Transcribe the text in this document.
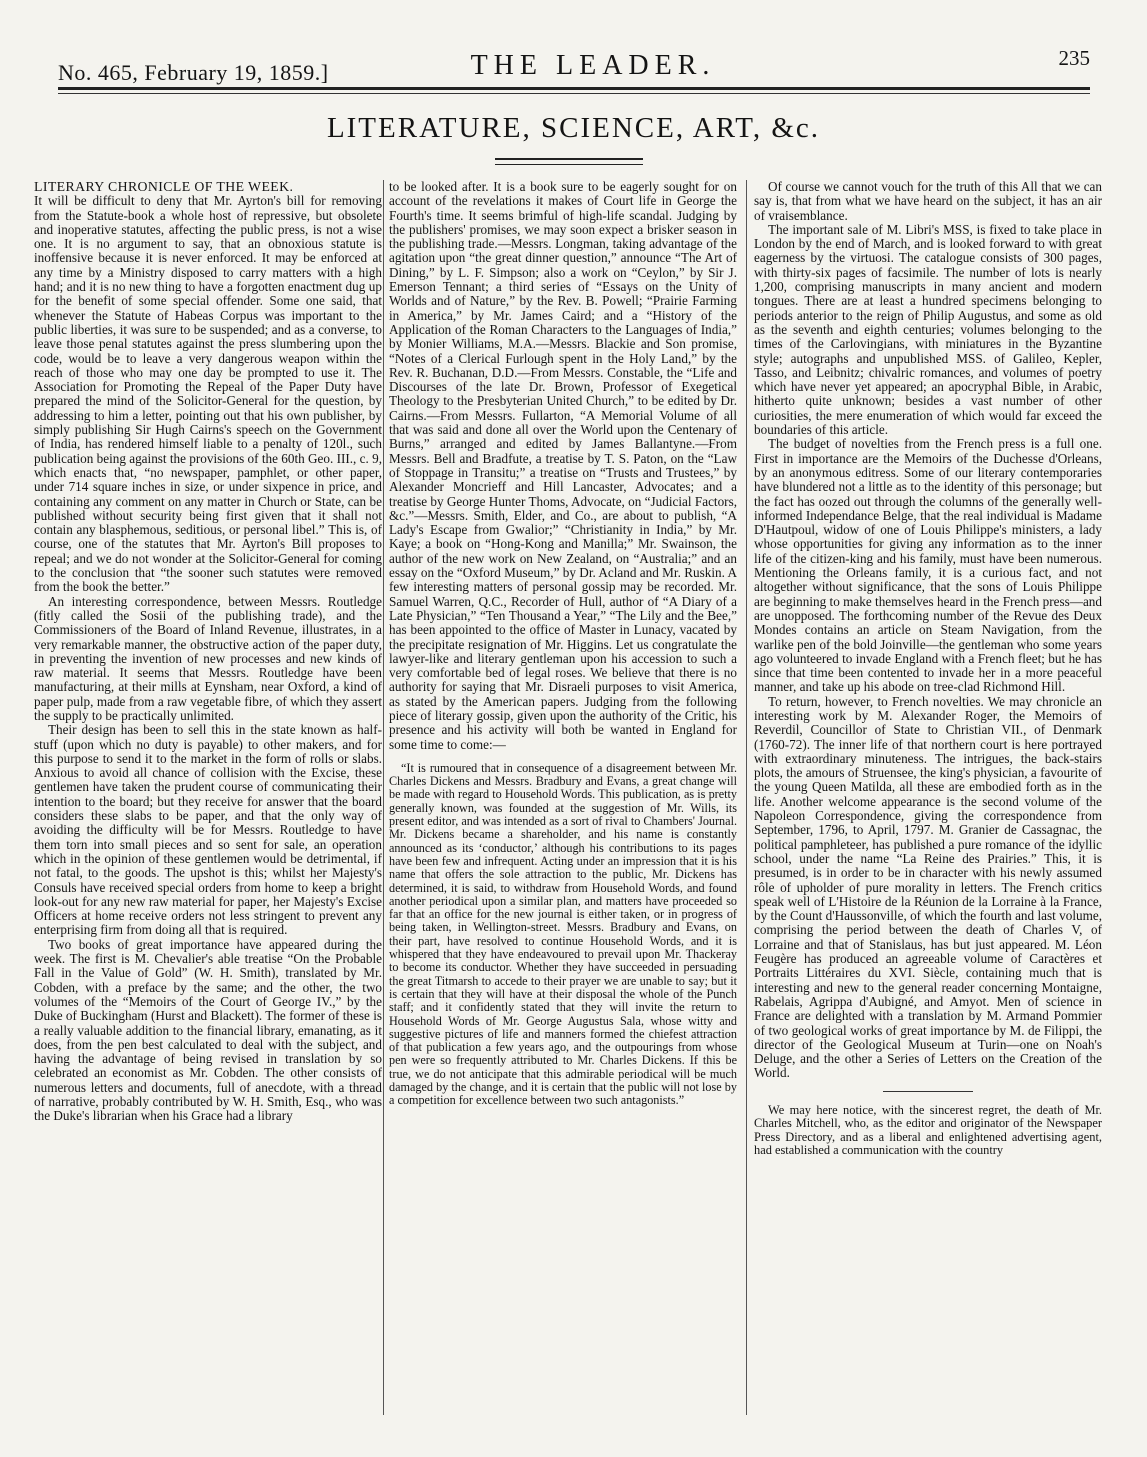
No. 465, February 19, 1859.]	THE LEADER.	235
LITERATURE, SCIENCE, ART, &c.
LITERARY CHRONICLE OF THE WEEK.

It will be difficult to deny that Mr. Ayrton's bill for removing from the Statute-book a whole host of repressive, but obsolete and inoperative statutes, affecting the public press, is not a wise one. It is no argument to say, that an obnoxious statute is inoffensive because it is never enforced. It may be enforced at any time by a Ministry disposed to carry matters with a high hand; and it is no new thing to have a forgotten enactment dug up for the benefit of some special offender. Some one said, that whenever the Statute of Habeas Corpus was important to the public liberties, it was sure to be suspended; and as a converse, to leave those penal statutes against the press slumbering upon the code, would be to leave a very dangerous weapon within the reach of those who may one day be prompted to use it. The Association for Promoting the Repeal of the Paper Duty have prepared the mind of the Solicitor-General for the question, by addressing to him a letter, pointing out that his own publisher, by simply publishing Sir Hugh Cairns's speech on the Government of India, has rendered himself liable to a penalty of 120l., such publication being against the provisions of the 60th Geo. III., c. 9, which enacts that, “no newspaper, pamphlet, or other paper, under 714 square inches in size, or under sixpence in price, and containing any comment on any matter in Church or State, can be published without security being first given that it shall not contain any blasphemous, seditious, or personal libel.” This is, of course, one of the statutes that Mr. Ayrton's Bill proposes to repeal; and we do not wonder at the Solicitor-General for coming to the conclusion that “the sooner such statutes were removed from the book the better.”

An interesting correspondence, between Messrs. Routledge (fitly called the Sosii of the publishing trade), and the Commissioners of the Board of Inland Revenue, illustrates, in a very remarkable manner, the obstructive action of the paper duty, in preventing the invention of new processes and new kinds of raw material. It seems that Messrs. Routledge have been manufacturing, at their mills at Eynsham, near Oxford, a kind of paper pulp, made from a raw vegetable fibre, of which they assert the supply to be practically unlimited.

Their design has been to sell this in the state known as half-stuff (upon which no duty is payable) to other makers, and for this purpose to send it to the market in the form of rolls or slabs. Anxious to avoid all chance of collision with the Excise, these gentlemen have taken the prudent course of communicating their intention to the board; but they receive for answer that the board considers these slabs to be paper, and that the only way of avoiding the difficulty will be for Messrs. Routledge to have them torn into small pieces and so sent for sale, an operation which in the opinion of these gentlemen would be detrimental, if not fatal, to the goods. The upshot is this; whilst her Majesty's Consuls have received special orders from home to keep a bright look-out for any new raw material for paper, her Majesty's Excise Officers at home receive orders not less stringent to prevent any enterprising firm from doing all that is required.

Two books of great importance have appeared during the week. The first is M. Chevalier's able treatise “On the Probable Fall in the Value of Gold” (W. H. Smith), translated by Mr. Cobden, with a preface by the same; and the other, the two volumes of the “Memoirs of the Court of George IV.,” by the Duke of Buckingham (Hurst and Blackett). The former of these is a really valuable addition to the financial library, emanating, as it does, from the pen best calculated to deal with the subject, and having the advantage of being revised in translation by so celebrated an economist as Mr. Cobden. The other consists of numerous letters and documents, full of anecdote, with a thread of narrative, probably contributed by W. H. Smith, Esq., who was the Duke's librarian when his Grace had a library

to be looked after. It is a book sure to be eagerly sought for on account of the revelations it makes of Court life in George the Fourth's time. It seems brimful of high-life scandal. Judging by the publishers' promises, we may soon expect a brisker season in the publishing trade.—Messrs. Longman, taking advantage of the agitation upon “the great dinner question,” announce “The Art of Dining,” by L. F. Simpson; also a work on “Ceylon,” by Sir J. Emerson Tennant; a third series of “Essays on the Unity of Worlds and of Nature,” by the Rev. B. Powell; “Prairie Farming in America,” by Mr. James Caird; and a “History of the Application of the Roman Characters to the Languages of India,” by Monier Williams, M.A.—Messrs. Blackie and Son promise, “Notes of a Clerical Furlough spent in the Holy Land,” by the Rev. R. Buchanan, D.D.—From Messrs. Constable, the “Life and Discourses of the late Dr. Brown, Professor of Exegetical Theology to the Presbyterian United Church,” to be edited by Dr. Cairns.—From Messrs. Fullarton, “A Memorial Volume of all that was said and done all over the World upon the Centenary of Burns,” arranged and edited by James Ballantyne.—From Messrs. Bell and Bradfute, a treatise by T. S. Paton, on the “Law of Stoppage in Transitu;” a treatise on “Trusts and Trustees,” by Alexander Moncrieff and Hill Lancaster, Advocates; and a treatise by George Hunter Thoms, Advocate, on “Judicial Factors, &c.”—Messrs. Smith, Elder, and Co., are about to publish, “A Lady's Escape from Gwalior;” “Christianity in India,” by Mr. Kaye; a book on “Hong-Kong and Manilla;” Mr. Swainson, the author of the new work on New Zealand, on “Australia;” and an essay on the “Oxford Museum,” by Dr. Acland and Mr. Ruskin. A few interesting matters of personal gossip may be recorded. Mr. Samuel Warren, Q.C., Recorder of Hull, author of “A Diary of a Late Physician,” “Ten Thousand a Year,” “The Lily and the Bee,” has been appointed to the office of Master in Lunacy, vacated by the precipitate resignation of Mr. Higgins. Let us congratulate the lawyer-like and literary gentleman upon his accession to such a very comfortable bed of legal roses. We believe that there is no authority for saying that Mr. Disraeli purposes to visit America, as stated by the American papers. Judging from the following piece of literary gossip, given upon the authority of the Critic, his presence and his activity will both be wanted in England for some time to come:—

“It is rumoured that in consequence of a disagreement between Mr. Charles Dickens and Messrs. Bradbury and Evans, a great change will be made with regard to Household Words. This publication, as is pretty generally known, was founded at the suggestion of Mr. Wills, its present editor, and was intended as a sort of rival to Chambers' Journal. Mr. Dickens became a shareholder, and his name is constantly announced as its ‘conductor,’ although his contributions to its pages have been few and infrequent. Acting under an impression that it is his name that offers the sole attraction to the public, Mr. Dickens has determined, it is said, to withdraw from Household Words, and found another periodical upon a similar plan, and matters have proceeded so far that an office for the new journal is either taken, or in progress of being taken, in Wellington-street. Messrs. Bradbury and Evans, on their part, have resolved to continue Household Words, and it is whispered that they have endeavoured to prevail upon Mr. Thackeray to become its conductor. Whether they have succeeded in persuading the great Titmarsh to accede to their prayer we are unable to say; but it is certain that they will have at their disposal the whole of the Punch staff; and it confidently stated that they will invite the return to Household Words of Mr. George Augustus Sala, whose witty and suggestive pictures of life and manners formed the chiefest attraction of that publication a few years ago, and the outpourings from whose pen were so frequently attributed to Mr. Charles Dickens. If this be true, we do not anticipate that this admirable periodical will be much damaged by the change, and it is certain that the public will not lose by a competition for excellence between two such antagonists.”

Of course we cannot vouch for the truth of this All that we can say is, that from what we have heard on the subject, it has an air of vraisemblance.

The important sale of M. Libri's MSS, is fixed to take place in London by the end of March, and is looked forward to with great eagerness by the virtuosi. The catalogue consists of 300 pages, with thirty-six pages of facsimile. The number of lots is nearly 1,200, comprising manuscripts in many ancient and modern tongues. There are at least a hundred specimens belonging to periods anterior to the reign of Philip Augustus, and some as old as the seventh and eighth centuries; volumes belonging to the times of the Carlovingians, with miniatures in the Byzantine style; autographs and unpublished MSS. of Galileo, Kepler, Tasso, and Leibnitz; chivalric romances, and volumes of poetry which have never yet appeared; an apocryphal Bible, in Arabic, hitherto quite unknown; besides a vast number of other curiosities, the mere enumeration of which would far exceed the boundaries of this article.

The budget of novelties from the French press is a full one. First in importance are the Memoirs of the Duchesse d'Orleans, by an anonymous editress. Some of our literary contemporaries have blundered not a little as to the identity of this personage; but the fact has oozed out through the columns of the generally well-informed Independance Belge, that the real individual is Madame D'Hautpoul, widow of one of Louis Philippe's ministers, a lady whose opportunities for giving any information as to the inner life of the citizen-king and his family, must have been numerous. Mentioning the Orleans family, it is a curious fact, and not altogether without significance, that the sons of Louis Philippe are beginning to make themselves heard in the French press—and are unopposed. The forthcoming number of the Revue des Deux Mondes contains an article on Steam Navigation, from the warlike pen of the bold Joinville—the gentleman who some years ago volunteered to invade England with a French fleet; but he has since that time been contented to invade her in a more peaceful manner, and take up his abode on tree-clad Richmond Hill.

To return, however, to French novelties. We may chronicle an interesting work by M. Alexander Roger, the Memoirs of Reverdil, Councillor of State to Christian VII., of Denmark (1760-72). The inner life of that northern court is here portrayed with extraordinary minuteness. The intrigues, the back-stairs plots, the amours of Struensee, the king's physician, a favourite of the young Queen Matilda, all these are embodied forth as in the life. Another welcome appearance is the second volume of the Napoleon Correspondence, giving the correspondence from September, 1796, to April, 1797. M. Granier de Cassagnac, the political pamphleteer, has published a pure romance of the idyllic school, under the name “La Reine des Prairies.” This, it is presumed, is in order to be in character with his newly assumed rôle of upholder of pure morality in letters. The French critics speak well of L'Histoire de la Réunion de la Lorraine à la France, by the Count d'Haussonville, of which the fourth and last volume, comprising the period between the death of Charles V, of Lorraine and that of Stanislaus, has but just appeared. M. Léon Feugère has produced an agreeable volume of Caractères et Portraits Littéraires du XVI. Siècle, containing much that is interesting and new to the general reader concerning Montaigne, Rabelais, Agrippa d'Aubigné, and Amyot. Men of science in France are delighted with a translation by M. Armand Pommier of two geological works of great importance by M. de Filippi, the director of the Geological Museum at Turin—one on Noah's Deluge, and the other a Series of Letters on the Creation of the World.

We may here notice, with the sincerest regret, the death of Mr. Charles Mitchell, who, as the editor and originator of the Newspaper Press Directory, and as a liberal and enlightened advertising agent, had established a communication with the country
